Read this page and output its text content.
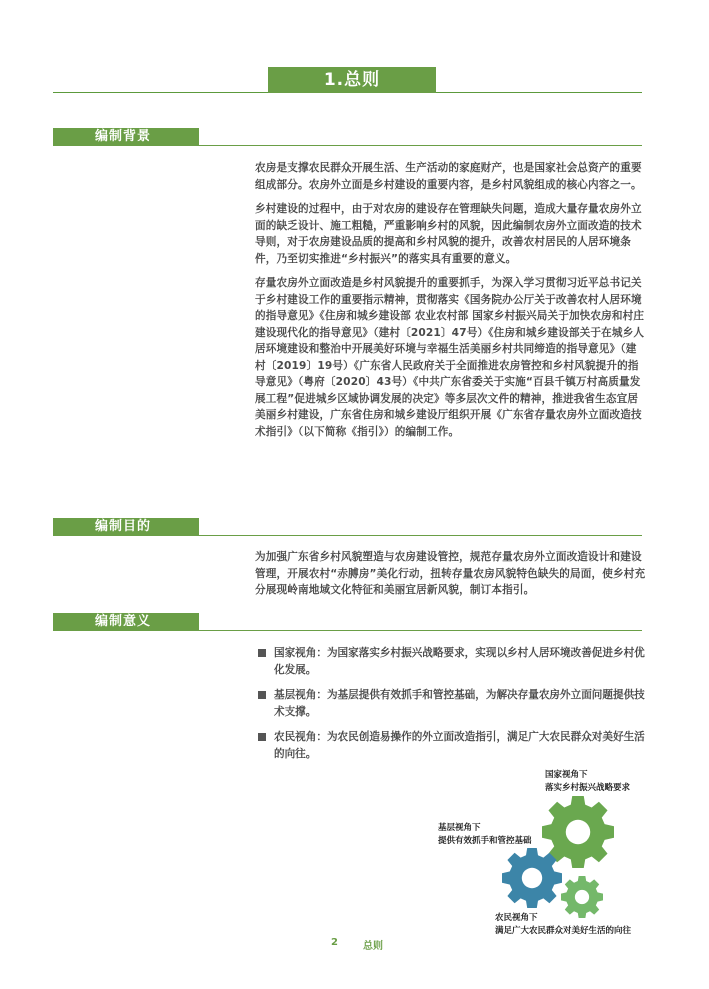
1.总则
编制背景

农房是支撑农民群众开展生活、生产活动的家庭财产，也是国家社会总资产的重要组成部分。农房外立面是乡村建设的重要内容，是乡村风貌组成的核心内容之一。

乡村建设的过程中，由于对农房的建设存在管理缺失问题，造成大量存量农房外立面的缺乏设计、施工粗糙，严重影响乡村的风貌，因此编制农房外立面改造的技术导则，对于农房建设品质的提高和乡村风貌的提升，改善农村居民的人居环境条件，乃至切实推进“乡村振兴”的落实具有重要的意义。

存量农房外立面改造是乡村风貌提升的重要抓手，为深入学习贯彻习近平总书记关于乡村建设工作的重要指示精神，贯彻落实《国务院办公厅关于改善农村人居环境的指导意见》《住房和城乡建设部 农业农村部 国家乡村振兴局关于加快农房和村庄建设现代化的指导意见》（建村〔2021〕47号）《住房和城乡建设部关于在城乡人居环境建设和整治中开展美好环境与幸福生活美丽乡村共同缔造的指导意见》（建村〔2019〕19号）《广东省人民政府关于全面推进农房管控和乡村风貌提升的指导意见》（粤府〔2020〕43号）《中共广东省委关于实施“百县千镇万村高质量发展工程”促进城乡区域协调发展的决定》等多层次文件的精神，推进我省生态宜居美丽乡村建设，广东省住房和城乡建设厅组织开展《广东省存量农房外立面改造技术指引》（以下简称《指引》）的编制工作。

编制目的

为加强广东省乡村风貌塑造与农房建设管控，规范存量农房外立面改造设计和建设管理，开展农村“赤膊房”美化行动，扭转存量农房风貌特色缺失的局面，使乡村充分展现岭南地域文化特征和美丽宜居新风貌，制订本指引。

编制意义
国家视角：为国家落实乡村振兴战略要求，实现以乡村人居环境改善促进乡村优化发展。
基层视角：为基层提供有效抓手和管控基础，为解决存量农房外立面问题提供技术支撑。
农民视角：为农民创造易操作的外立面改造指引，满足广大农民群众对美好生活的向往。
国家视角下
落实乡村振兴战略要求
基层视角下
提供有效抓手和管控基础
农民视角下
满足广大农民群众对美好生活的向往
2	总则
